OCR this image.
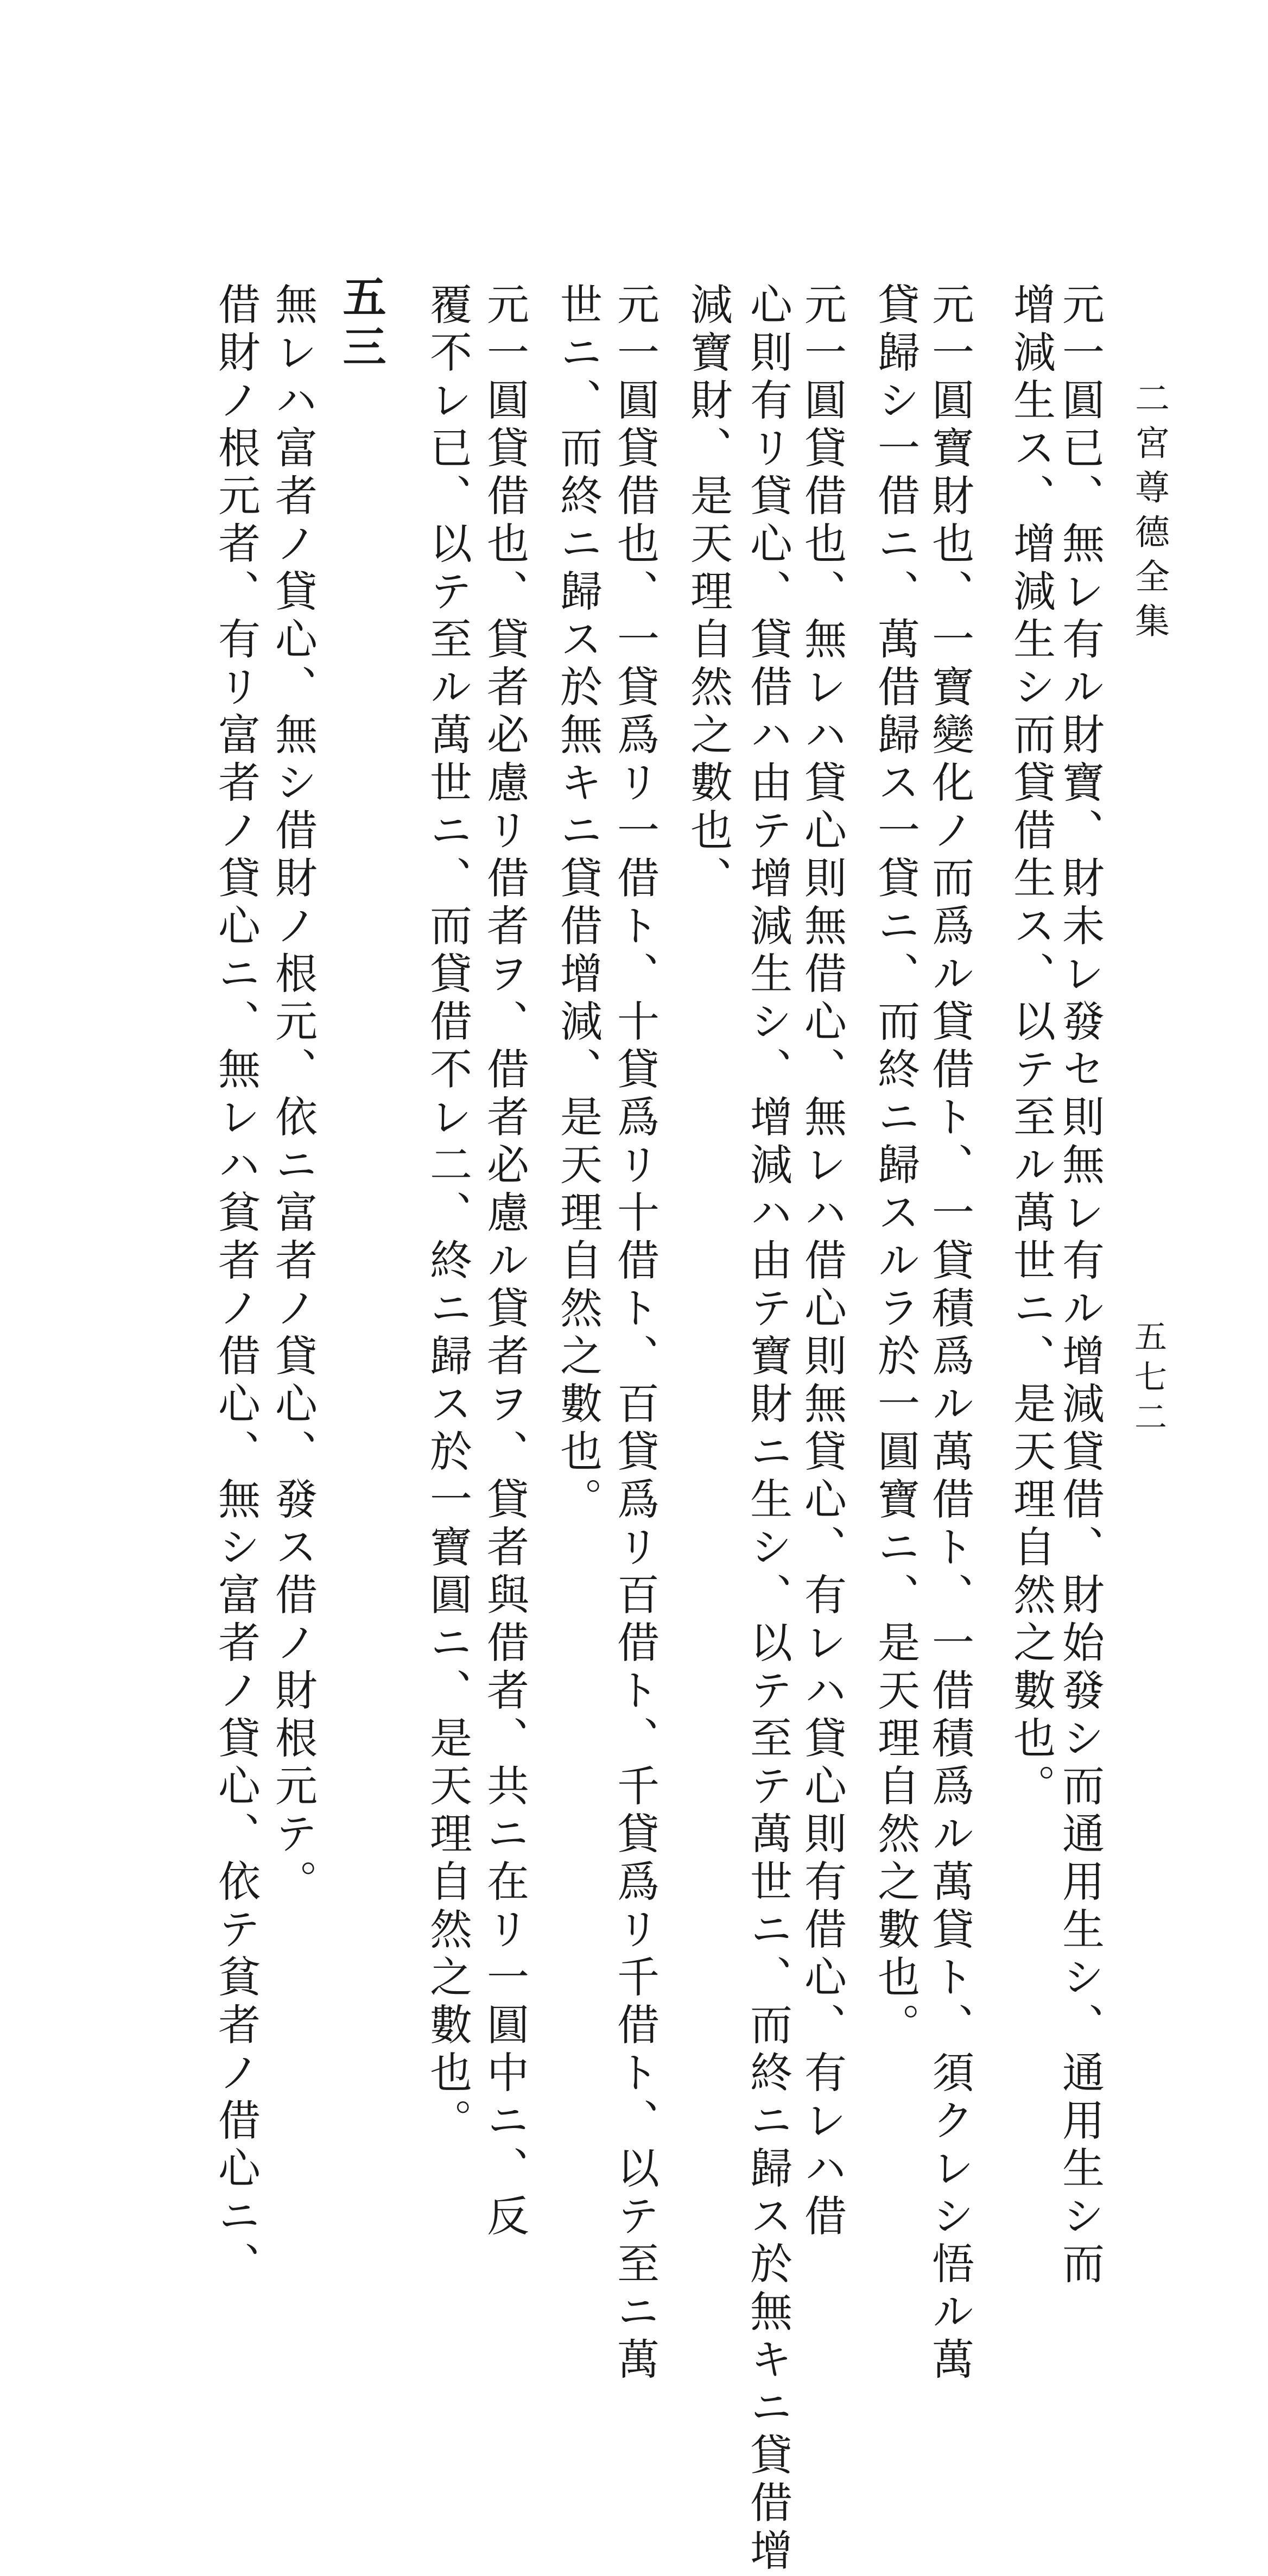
二宮尊德全集
五七二
元一圓已、無レ有ル財寶、財未レ發セ則無レ有ル增減貸借、財始發シ而通用生シ、通用生シ而
增減生ス、增減生シ而貸借生ス、以テ至ル萬世ニ、是天理自然之數也。
元一圓寶財也、一寶變化ノ而爲ル貸借ト、一貸積爲ル萬借ト、一借積爲ル萬貸ト、須クレシ悟ル萬
貸歸シ一借ニ、萬借歸ス一貸ニ、而終ニ歸スルラ於一圓寶ニ、是天理自然之數也。
元一圓貸借也、無レハ貸心則無借心、無レハ借心則無貸心、有レハ貸心則有借心、有レハ借
心則有リ貸心、貸借ハ由テ增減生シ、增減ハ由テ寶財ニ生シ、以テ至テ萬世ニ、而終ニ歸ス於無キニ貸借增
減寶財、是天理自然之數也、
元一圓貸借也、一貸爲リ一借ト、十貸爲リ十借ト、百貸爲リ百借ト、千貸爲リ千借ト、以テ至ニ萬
世ニ、而終ニ歸ス於無キニ貸借增減、是天理自然之數也。
元一圓貸借也、貸者必慮リ借者ヲ、借者必慮ル貸者ヲ、貸者與借者、共ニ在リ一圓中ニ、反
覆不レ已、以テ至ル萬世ニ、而貸借不レ二、終ニ歸ス於一寶圓ニ、是天理自然之數也。
五三
無レハ富者ノ貸心、無シ借財ノ根元、依ニ富者ノ貸心、發ス借ノ財根元テ。
借財ノ根元者、有リ富者ノ貸心ニ、無レハ貧者ノ借心、無シ富者ノ貸心、依テ貧者ノ借心ニ、
